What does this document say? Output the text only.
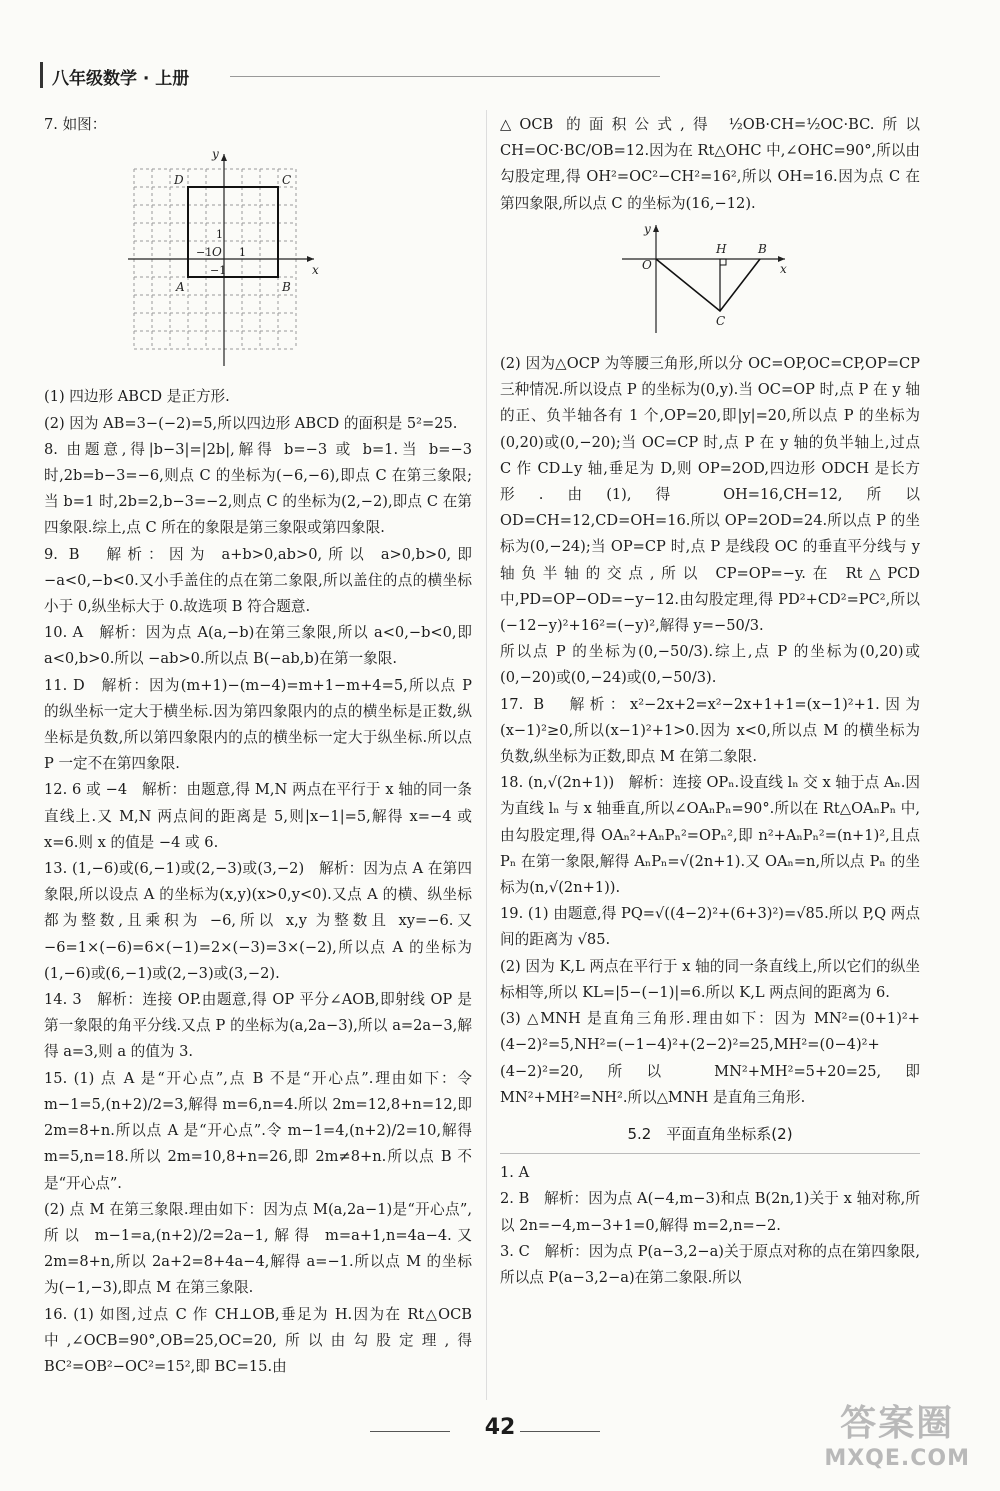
八年级数学 · 上册

7. 如图：

D	C
A	B
O
x
y
−1 1
1
−1

(1) 四边形 ABCD 是正方形.

(2) 因为 AB=3−(−2)=5,所以四边形 ABCD 的面积是 5²=25.

8. 由题意,得|b−3|=|2b|,解得 b=−3 或 b=1.当 b=−3 时,2b=b−3=−6,则点 C 的坐标为(−6,−6),即点 C 在第三象限;当 b=1 时,2b=2,b−3=−2,则点 C 的坐标为(2,−2),即点 C 在第四象限.综上,点 C 所在的象限是第三象限或第四象限.

9. B　解析：因为 a+b>0,ab>0,所以 a>0,b>0,即 −a<0,−b<0.又小手盖住的点在第二象限,所以盖住的点的横坐标小于 0,纵坐标大于 0.故选项 B 符合题意.

10. A　解析：因为点 A(a,−b)在第三象限,所以 a<0,−b<0,即 a<0,b>0.所以 −ab>0.所以点 B(−ab,b)在第一象限.

11. D　解析：因为(m+1)−(m−4)=m+1−m+4=5,所以点 P 的纵坐标一定大于横坐标.因为第四象限内的点的横坐标是正数,纵坐标是负数,所以第四象限内的点的横坐标一定大于纵坐标.所以点 P 一定不在第四象限.

12. 6 或 −4　解析：由题意,得 M,N 两点在平行于 x 轴的同一条直线上.又 M,N 两点间的距离是 5,则|x−1|=5,解得 x=−4 或 x=6.则 x 的值是 −4 或 6.

13. (1,−6)或(6,−1)或(2,−3)或(3,−2)　解析：因为点 A 在第四象限,所以设点 A 的坐标为(x,y)(x>0,y<0).又点 A 的横、纵坐标都为整数,且乘积为 −6,所以 x,y 为整数且 xy=−6.又 −6=1×(−6)=6×(−1)=2×(−3)=3×(−2),所以点 A 的坐标为(1,−6)或(6,−1)或(2,−3)或(3,−2).

14. 3　解析：连接 OP.由题意,得 OP 平分∠AOB,即射线 OP 是第一象限的角平分线.又点 P 的坐标为(a,2a−3),所以 a=2a−3,解得 a=3,则 a 的值为 3.

15. (1) 点 A 是“开心点”,点 B 不是“开心点”.理由如下：令 m−1=5,(n+2)/2=3,解得 m=6,n=4.所以 2m=12,8+n=12,即 2m=8+n.所以点 A 是“开心点”.令 m−1=4,(n+2)/2=10,解得 m=5,n=18.所以 2m=10,8+n=26,即 2m≠8+n.所以点 B 不是“开心点”.

(2) 点 M 在第三象限.理由如下：因为点 M(a,2a−1)是“开心点”,所以 m−1=a,(n+2)/2=2a−1,解得 m=a+1,n=4a−4.又 2m=8+n,所以 2a+2=8+4a−4,解得 a=−1.所以点 M 的坐标为(−1,−3),即点 M 在第三象限.

16. (1) 如图,过点 C 作 CH⊥OB,垂足为 H.因为在 Rt△OCB 中,∠OCB=90°,OB=25,OC=20,所以由勾股定理,得 BC²=OB²−OC²=15²,即 BC=15.由

△OCB 的面积公式,得 ½OB·CH=½OC·BC.所以 CH=OC·BC/OB=12.因为在 Rt△OHC 中,∠OHC=90°,所以由勾股定理,得 OH²=OC²−CH²=16²,所以 OH=16.因为点 C 在第四象限,所以点 C 的坐标为(16,−12).

O
H	B
C
x
y

(2) 因为△OCP 为等腰三角形,所以分 OC=OP,OC=CP,OP=CP 三种情况.所以设点 P 的坐标为(0,y).当 OC=OP 时,点 P 在 y 轴的正、负半轴各有 1 个,OP=20,即|y|=20,所以点 P 的坐标为(0,20)或(0,−20);当 OC=CP 时,点 P 在 y 轴的负半轴上,过点 C 作 CD⊥y 轴,垂足为 D,则 OP=2OD,四边形 ODCH 是长方形.由(1),得 OH=16,CH=12,所以 OD=CH=12,CD=OH=16.所以 OP=2OD=24.所以点 P 的坐标为(0,−24);当 OP=CP 时,点 P 是线段 OC 的垂直平分线与 y 轴负半轴的交点,所以 CP=OP=−y.在 Rt△PCD 中,PD=OP−OD=−y−12.由勾股定理,得 PD²+CD²=PC²,所以(−12−y)²+16²=(−y)²,解得 y=−50/3.

所以点 P 的坐标为(0,−50/3).综上,点 P 的坐标为(0,20)或(0,−20)或(0,−24)或(0,−50/3).

17. B　解析：x²−2x+2=x²−2x+1+1=(x−1)²+1.因为(x−1)²≥0,所以(x−1)²+1>0.因为 x<0,所以点 M 的横坐标为负数,纵坐标为正数,即点 M 在第二象限.

18. (n,√(2n+1))　解析：连接 OPₙ.设直线 lₙ 交 x 轴于点 Aₙ.因为直线 lₙ 与 x 轴垂直,所以∠OAₙPₙ=90°.所以在 Rt△OAₙPₙ 中,由勾股定理,得 OAₙ²+AₙPₙ²=OPₙ²,即 n²+AₙPₙ²=(n+1)²,且点 Pₙ 在第一象限,解得 AₙPₙ=√(2n+1).又 OAₙ=n,所以点 Pₙ 的坐标为(n,√(2n+1)).

19. (1) 由题意,得 PQ=√((4−2)²+(6+3)²)=√85.所以 P,Q 两点间的距离为 √85.

(2) 因为 K,L 两点在平行于 x 轴的同一条直线上,所以它们的纵坐标相等,所以 KL=|5−(−1)|=6.所以 K,L 两点间的距离为 6.

(3) △MNH 是直角三角形.理由如下：因为 MN²=(0+1)²+(4−2)²=5,NH²=(−1−4)²+(2−2)²=25,MH²=(0−4)²+(4−2)²=20,所以 MN²+MH²=5+20=25,即 MN²+MH²=NH².所以△MNH 是直角三角形.

5.2　平面直角坐标系(2)

1. A

2. B　解析：因为点 A(−4,m−3)和点 B(2n,1)关于 x 轴对称,所以 2n=−4,m−3+1=0,解得 m=2,n=−2.

3. C　解析：因为点 P(a−3,2−a)关于原点对称的点在第四象限,所以点 P(a−3,2−a)在第二象限.所以

42	答案圈
MXQE.COM
